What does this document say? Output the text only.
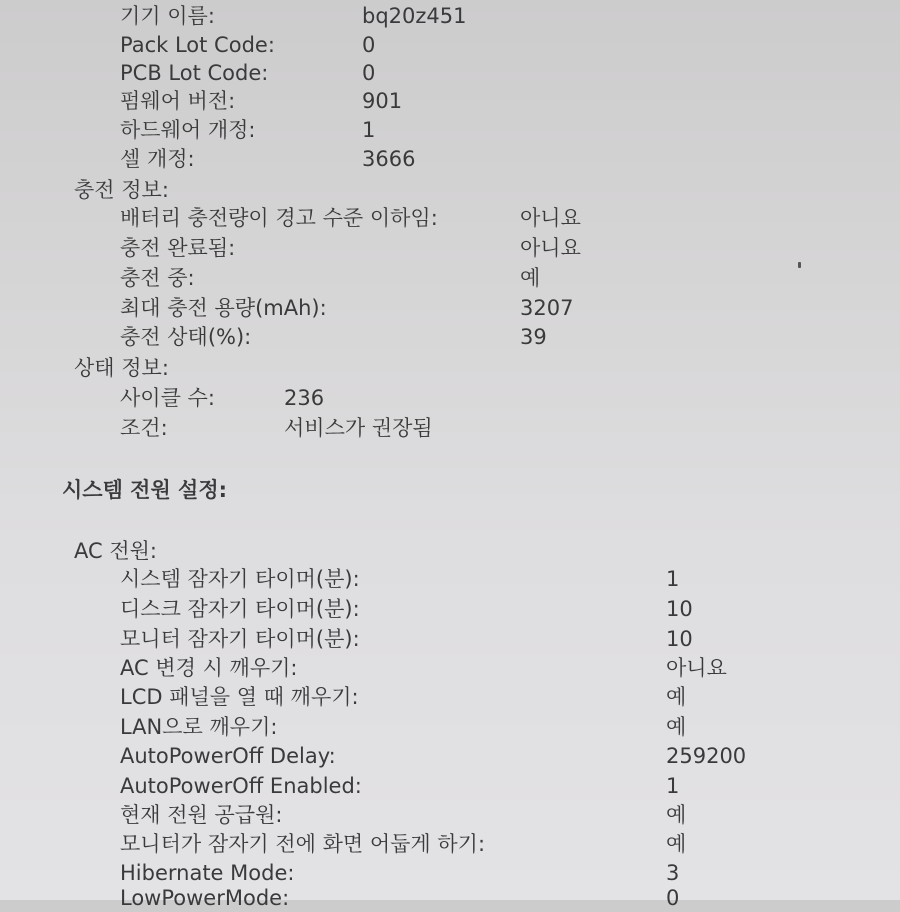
기기 이름:	bq20z451
Pack Lot Code:	0
PCB Lot Code:	0
펌웨어 버전:	901
하드웨어 개정:	1
셀 개정:	3666
충전 정보:
배터리 충전량이 경고 수준 이하임:	아니요
충전 완료됨:	아니요
충전 중:	예
최대 충전 용량(mAh):	3207
충전 상태(%):	39
상태 정보:
사이클 수:	236
조건:	서비스가 권장됨
시스템 전원 설정:
AC 전원:
시스템 잠자기 타이머(분):	1
디스크 잠자기 타이머(분):	10
모니터 잠자기 타이머(분):	10
AC 변경 시 깨우기:	아니요
LCD 패널을 열 때 깨우기:	예
LAN으로 깨우기:	예
AutoPowerOff Delay:	259200
AutoPowerOff Enabled:	1
현재 전원 공급원:	예
모니터가 잠자기 전에 화면 어둡게 하기:	예
Hibernate Mode:	3
LowPowerMode:	0
